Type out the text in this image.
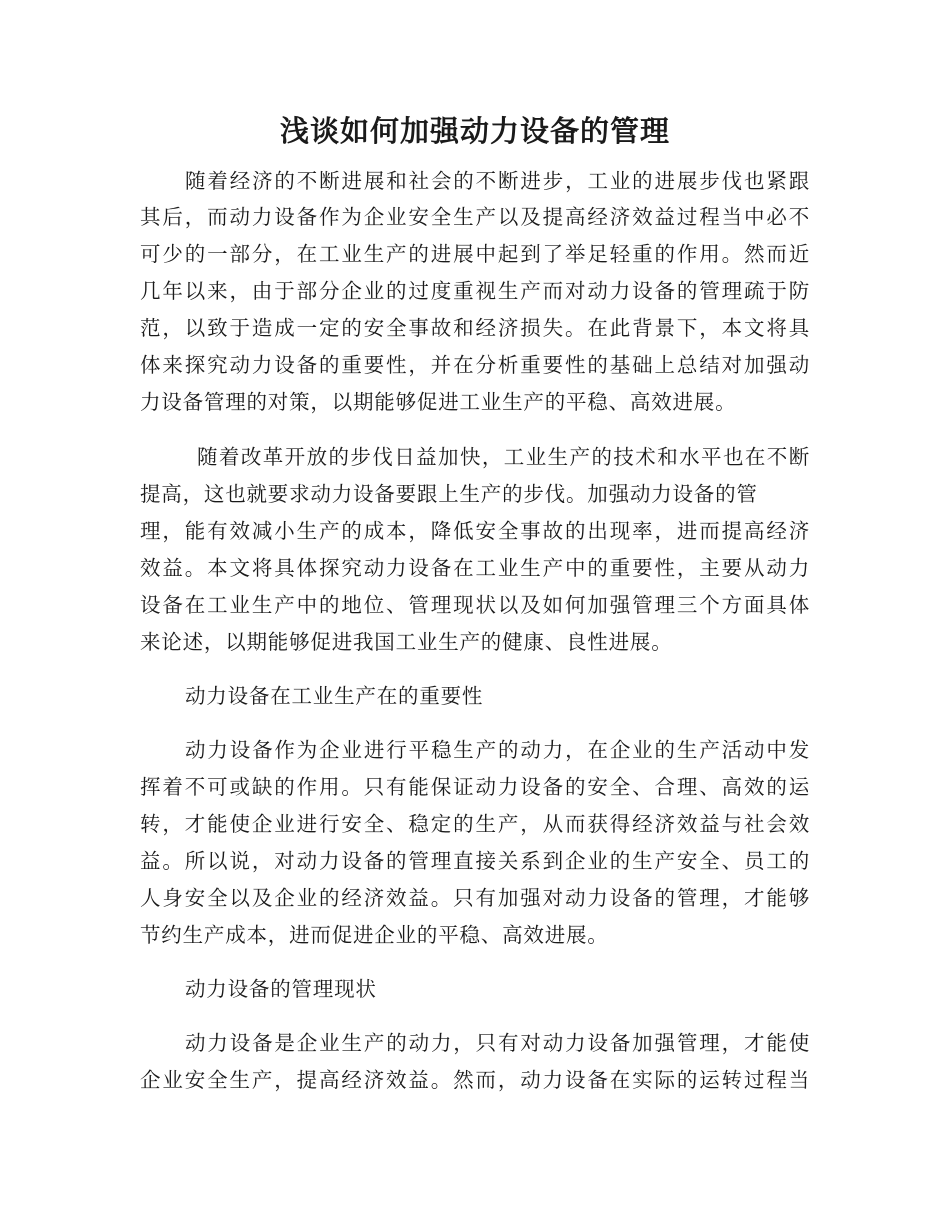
浅谈如何加强动力设备的管理
随着经济的不断进展和社会的不断进步，工业的进展步伐也紧跟
其后，而动力设备作为企业安全生产以及提高经济效益过程当中必不
可少的一部分，在工业生产的进展中起到了举足轻重的作用。然而近
几年以来，由于部分企业的过度重视生产而对动力设备的管理疏于防
范，以致于造成一定的安全事故和经济损失。在此背景下，本文将具
体来探究动力设备的重要性，并在分析重要性的基础上总结对加强动
力设备管理的对策，以期能够促进工业生产的平稳、高效进展。
随着改革开放的步伐日益加快，工业生产的技术和水平也在不断
提高，这也就要求动力设备要跟上生产的步伐。加强动力设备的管
理，能有效减小生产的成本，降低安全事故的出现率，进而提高经济
效益。本文将具体探究动力设备在工业生产中的重要性，主要从动力
设备在工业生产中的地位、管理现状以及如何加强管理三个方面具体
来论述，以期能够促进我国工业生产的健康、良性进展。
动力设备在工业生产在的重要性
动力设备作为企业进行平稳生产的动力，在企业的生产活动中发
挥着不可或缺的作用。只有能保证动力设备的安全、合理、高效的运
转，才能使企业进行安全、稳定的生产，从而获得经济效益与社会效
益。所以说，对动力设备的管理直接关系到企业的生产安全、员工的
人身安全以及企业的经济效益。只有加强对动力设备的管理，才能够
节约生产成本，进而促进企业的平稳、高效进展。
动力设备的管理现状
动力设备是企业生产的动力，只有对动力设备加强管理，才能使
企业安全生产，提高经济效益。然而，动力设备在实际的运转过程当
